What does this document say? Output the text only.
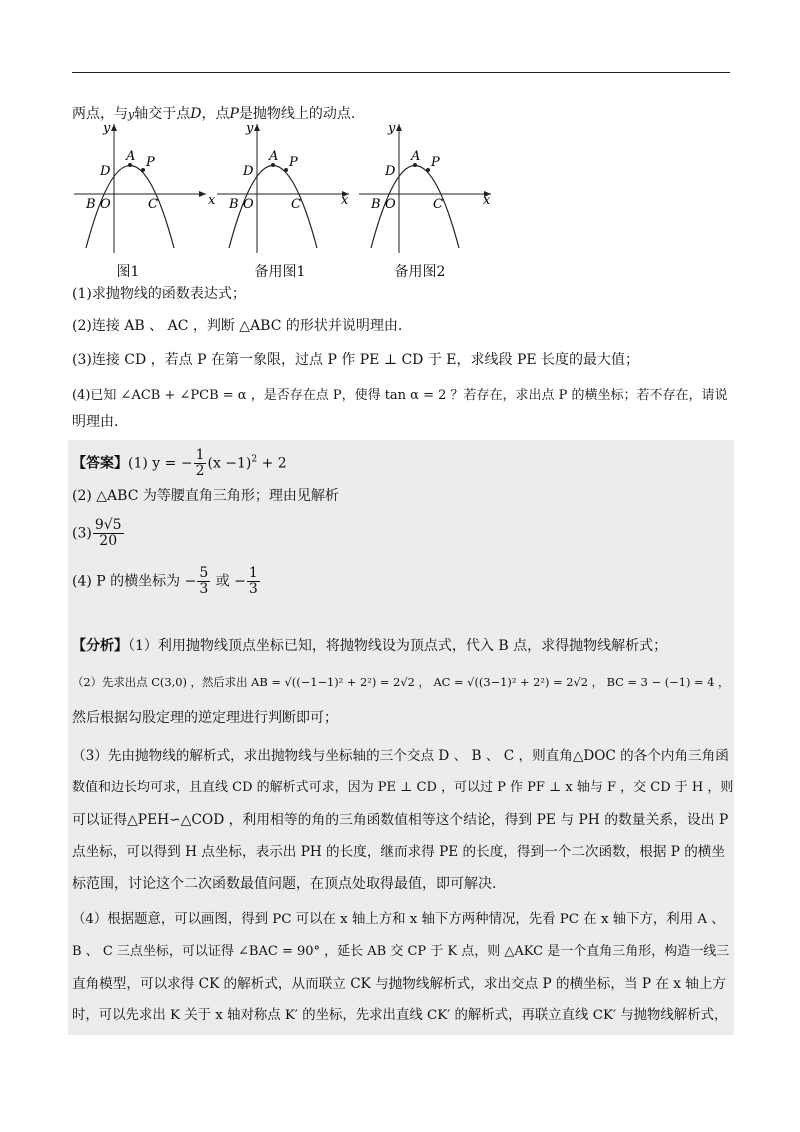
两点，与y轴交于点D，点P是抛物线上的动点.
x
y
A P
D
B O	C	x
y
A P
D
B O	C	x
y
A P
D
B O	C
图1	备用图1	备用图2
(1)求抛物线的函数表达式；
(2)连接 AB 、 AC ，判断 △ABC 的形状并说明理由.
(3)连接 CD ，若点 P 在第一象限，过点 P 作 PE ⊥ CD 于 E，求线段 PE 长度的最大值；
(4)已知 ∠ACB + ∠PCB = α ，是否存在点 P，使得 tan α = 2 ？若存在，求出点 P 的横坐标；若不存在，请说
明理由.
【答案】(1) y = − $\frac{1}{2} (x -1)^2 + 2$
(2) △ABC 为等腰直角三角形；理由见解析
$(3) \frac{9√5}{20}$
(4) P 的横坐标为 − $\frac{5}{3}$ 或 − $\frac{1}{3}$
【分析】（1）利用抛物线顶点坐标已知，将抛物线设为顶点式，代入 B 点，求得抛物线解析式；
（2）先求出点 C(3,0) ，然后求出 AB = √((−1−1)² + 2²) = 2√2 ， AC = √((3−1)² + 2²) = 2√2 ， BC = 3 − (−1) = 4 ，
然后根据勾股定理的逆定理进行判断即可；
（3）先由抛物线的解析式，求出抛物线与坐标轴的三个交点 D 、 B 、 C ，则直角△DOC 的各个内角三角函
数值和边长均可求，且直线 CD 的解析式可求，因为 PE ⊥ CD ，可以过 P 作 PF ⊥ x 轴与 F ，交 CD 于 H ，则
可以证得△PEH∽△COD ，利用相等的角的三角函数值相等这个结论，得到 PE 与 PH 的数量关系，设出 P
点坐标，可以得到 H 点坐标，表示出 PH 的长度，继而求得 PE 的长度，得到一个二次函数，根据 P 的横坐
标范围，讨论这个二次函数最值问题，在顶点处取得最值，即可解决.
（4）根据题意，可以画图，得到 PC 可以在 x 轴上方和 x 轴下方两种情况，先看 PC 在 x 轴下方，利用 A 、
B 、 C 三点坐标，可以证得 ∠BAC = 90° ，延长 AB 交 CP 于 K 点，则 △AKC 是一个直角三角形，构造一线三
直角模型，可以求得 CK 的解析式，从而联立 CK 与抛物线解析式，求出交点 P 的横坐标，当 P 在 x 轴上方
时，可以先求出 K 关于 x 轴对称点 K′ 的坐标，先求出直线 CK′ 的解析式，再联立直线 CK′ 与抛物线解析式，
